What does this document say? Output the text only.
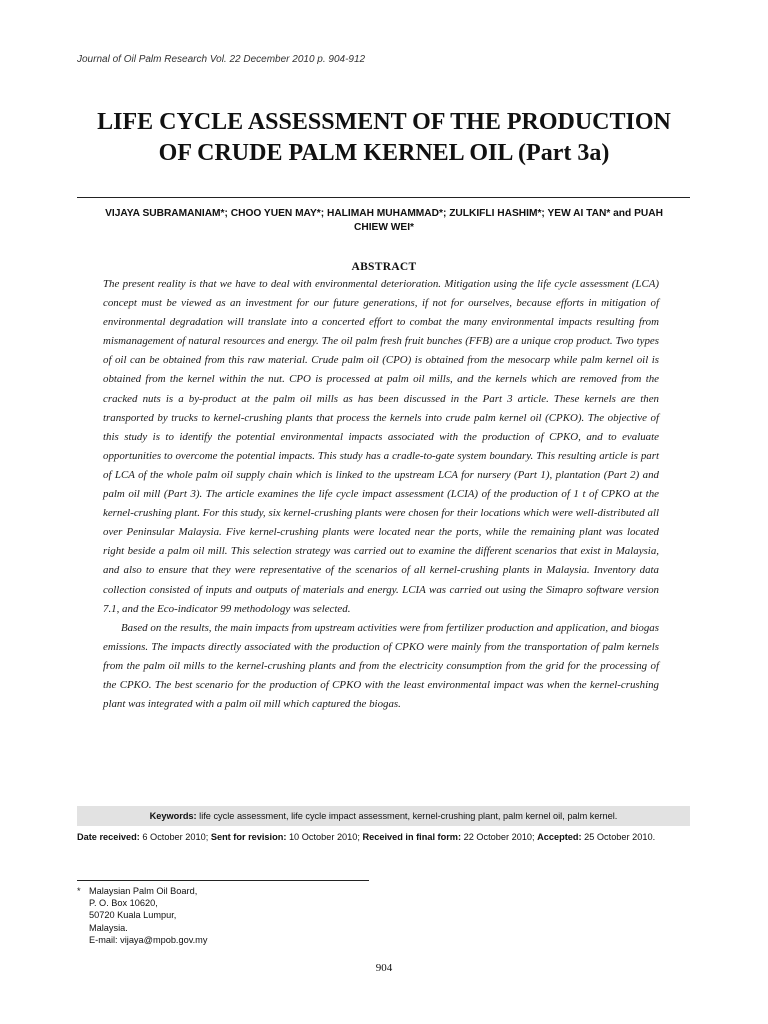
Journal of Oil Palm Research Vol. 22 December 2010 p. 904-912
LIFE CYCLE ASSESSMENT OF THE PRODUCTION OF CRUDE PALM KERNEL OIL (Part 3a)
VIJAYA SUBRAMANIAM*; CHOO YUEN MAY*; HALIMAH MUHAMMAD*; ZULKIFLI HASHIM*; YEW AI TAN* and PUAH CHIEW WEI*
ABSTRACT

The present reality is that we have to deal with environmental deterioration. Mitigation using the life cycle assessment (LCA) concept must be viewed as an investment for our future generations, if not for ourselves, because efforts in mitigation of environmental degradation will translate into a concerted effort to combat the many environmental impacts resulting from mismanagement of natural resources and energy. The oil palm fresh fruit bunches (FFB) are a unique crop product. Two types of oil can be obtained from this raw material. Crude palm oil (CPO) is obtained from the mesocarp while palm kernel oil is obtained from the kernel within the nut. CPO is processed at palm oil mills, and the kernels which are removed from the cracked nuts is a by-product at the palm oil mills as has been discussed in the Part 3 article. These kernels are then transported by trucks to kernel-crushing plants that process the kernels into crude palm kernel oil (CPKO). The objective of this study is to identify the potential environmental impacts associated with the production of CPKO, and to evaluate opportunities to overcome the potential impacts. This study has a cradle-to-gate system boundary. This resulting article is part of LCA of the whole palm oil supply chain which is linked to the upstream LCA for nursery (Part 1), plantation (Part 2) and palm oil mill (Part 3). The article examines the life cycle impact assessment (LCIA) of the production of 1 t of CPKO at the kernel-crushing plant. For this study, six kernel-crushing plants were chosen for their locations which were well-distributed all over Peninsular Malaysia. Five kernel-crushing plants were located near the ports, while the remaining plant was located right beside a palm oil mill. This selection strategy was carried out to examine the different scenarios that exist in Malaysia, and also to ensure that they were representative of the scenarios of all kernel-crushing plants in Malaysia. Inventory data collection consisted of inputs and outputs of materials and energy. LCIA was carried out using the Simapro software version 7.1, and the Eco-indicator 99 methodology was selected.

Based on the results, the main impacts from upstream activities were from fertilizer production and application, and biogas emissions. The impacts directly associated with the production of CPKO were mainly from the transportation of palm kernels from the palm oil mills to the kernel-crushing plants and from the electricity consumption from the grid for the processing of the CPKO. The best scenario for the production of CPKO with the least environmental impact was when the kernel-crushing plant was integrated with a palm oil mill which captured the biogas.

Keywords: life cycle assessment, life cycle impact assessment, kernel-crushing plant, palm kernel oil, palm kernel.
Date received: 6 October 2010; Sent for revision: 10 October 2010; Received in final form: 22 October 2010; Accepted: 25 October 2010.
* Malaysian Palm Oil Board,
P. O. Box 10620,
50720 Kuala Lumpur,
Malaysia.
E-mail: vijaya@mpob.gov.my
904
